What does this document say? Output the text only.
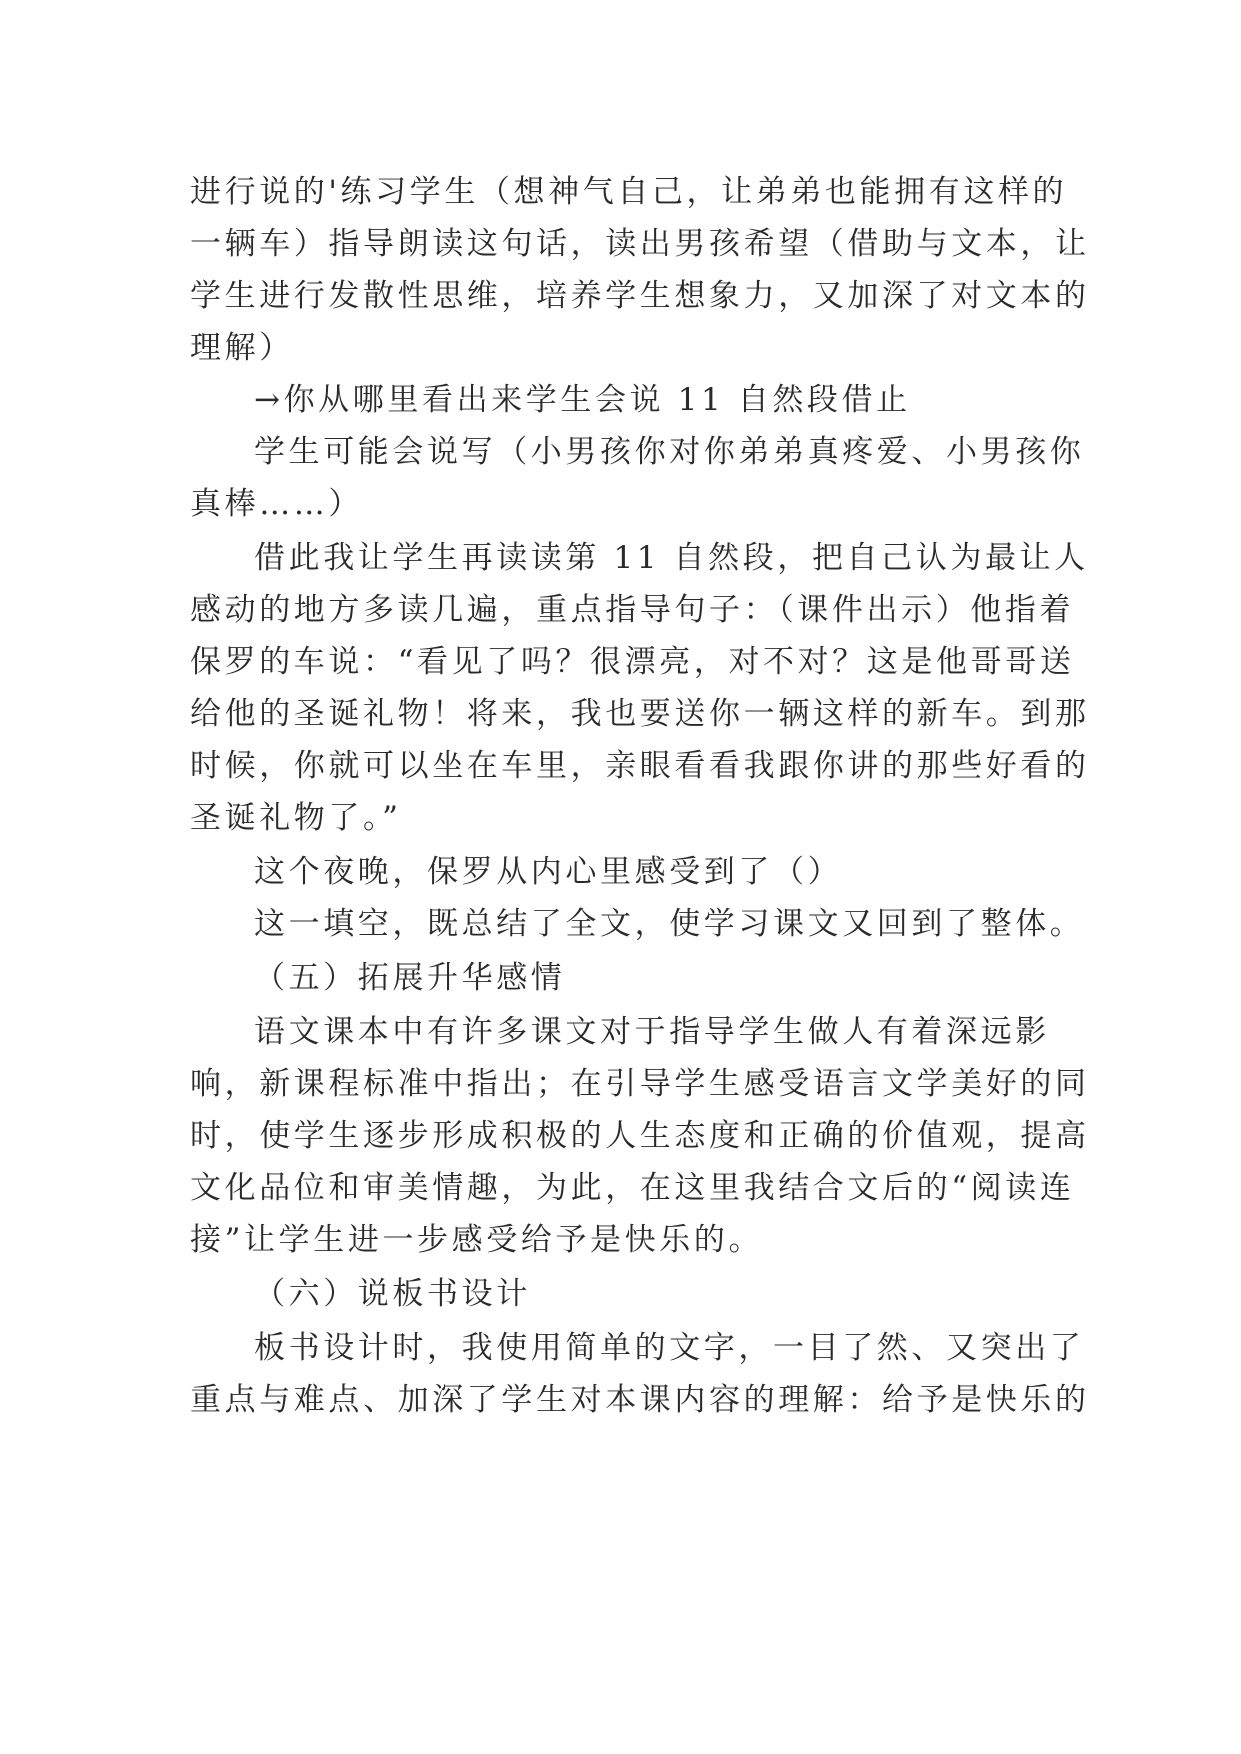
进行说的'练习学生（想神气自己，让弟弟也能拥有这样的
一辆车）指导朗读这句话，读出男孩希望（借助与文本，让
学生进行发散性思维，培养学生想象力，又加深了对文本的
理解）
→你从哪里看出来学生会说 11 自然段借止
学生可能会说写（小男孩你对你弟弟真疼爱、小男孩你
真棒……）
借此我让学生再读读第 11 自然段，把自己认为最让人
感动的地方多读几遍，重点指导句子：（课件出示）他指着
保罗的车说：“看见了吗？很漂亮，对不对？这是他哥哥送
给他的圣诞礼物！将来，我也要送你一辆这样的新车。到那
时候，你就可以坐在车里，亲眼看看我跟你讲的那些好看的
圣诞礼物了。”
这个夜晚，保罗从内心里感受到了（）
这一填空，既总结了全文，使学习课文又回到了整体。
（五）拓展升华感情
语文课本中有许多课文对于指导学生做人有着深远影
响，新课程标准中指出；在引导学生感受语言文学美好的同
时，使学生逐步形成积极的人生态度和正确的价值观，提高
文化品位和审美情趣，为此，在这里我结合文后的“阅读连
接”让学生进一步感受给予是快乐的。
（六）说板书设计
板书设计时，我使用简单的文字，一目了然、又突出了
重点与难点、加深了学生对本课内容的理解：给予是快乐的
